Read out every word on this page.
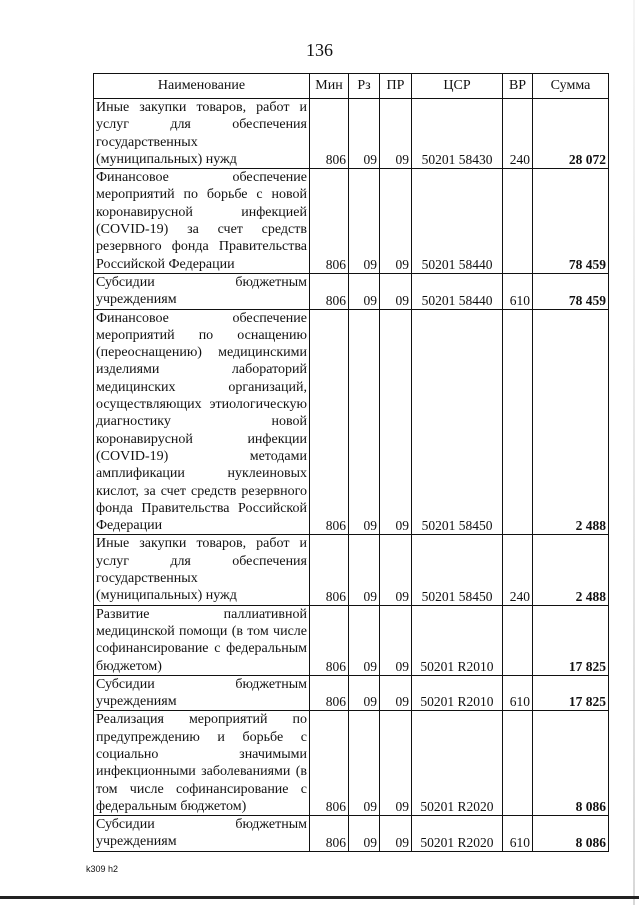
136
Наименование	Мин	Рз	ПР	ЦСР	ВР	Сумма
Иные закупки товаров, работ и услуг для обеспечения государственных (муниципальных) нужд	806	09	09	50201 58430	240	28 072
Финансовое обеспечение мероприятий по борьбе с новой коронавирусной инфекцией (COVID-19) за счет средств резервного фонда Правительства Российской Федерации	806	09	09	50201 58440		78 459
Субсидии бюджетным учреждениям	806	09	09	50201 58440	610	78 459
Финансовое обеспечение мероприятий по оснащению (переоснащению) медицинскими изделиями лабораторий медицинских организаций, осуществляющих этиологическую диагностику новой коронавирусной инфекции (COVID-19) методами амплификации нуклеиновых кислот, за счет средств резервного фонда Правительства Российской Федерации	806	09	09	50201 58450		2 488
Иные закупки товаров, работ и услуг для обеспечения государственных (муниципальных) нужд	806	09	09	50201 58450	240	2 488
Развитие паллиативной медицинской помощи (в том числе софинансирование с федеральным бюджетом)	806	09	09	50201 R2010		17 825
Субсидии бюджетным учреждениям	806	09	09	50201 R2010	610	17 825
Реализация мероприятий по предупреждению и борьбе с социально значимыми инфекционными заболеваниями (в том числе софинансирование с федеральным бюджетом)	806	09	09	50201 R2020		8 086
Субсидии бюджетным учреждениям	806	09	09	50201 R2020	610	8 086
k309 h2
